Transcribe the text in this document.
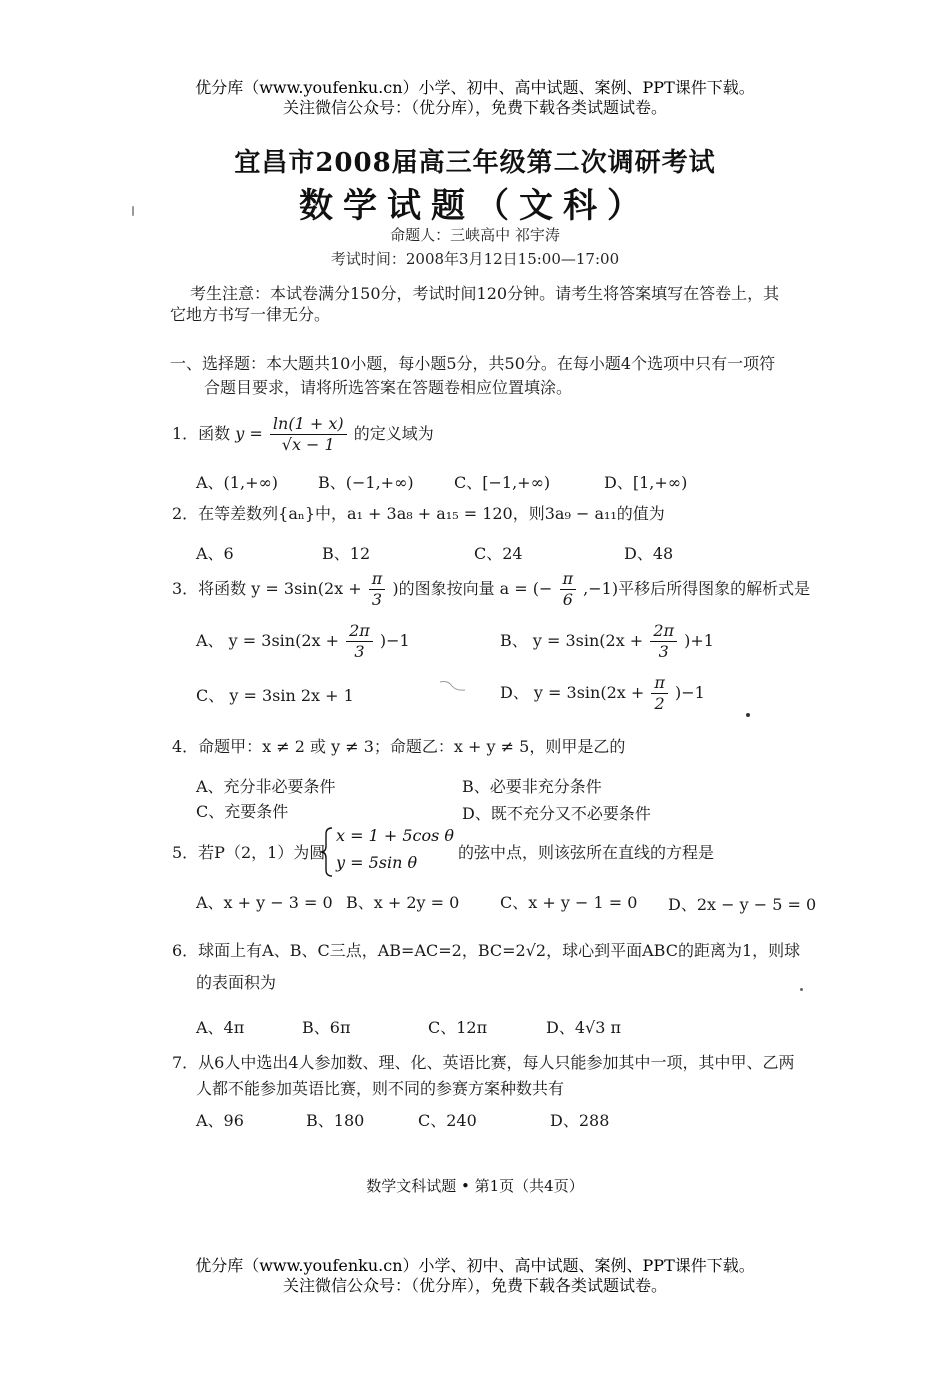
优分库（www.youfenku.cn）小学、初中、高中试题、案例、PPT课件下载。
关注微信公众号：（优分库），免费下载各类试题试卷。
宜昌市2008届高三年级第二次调研考试
数学试题（文科）
命题人：三峡高中 祁宇涛
考试时间：2008年3月12日15:00—17:00
考生注意：本试卷满分150分，考试时间120分钟。请考生将答案填写在答卷上，其
它地方书写一律无分。
一、选择题：本大题共10小题，每小题5分，共50分。在每小题4个选项中只有一项符
合题目要求，请将所选答案在答题卷相应位置填涂。
1．函数 $y = \frac{\ln(1 + x)}{√x - 1}$ 的定义域为
A、(1,+∞) B、(−1,+∞)	C、[−1,+∞)	D、[1,+∞)
2．在等差数列{aₙ}中，a₁ + 3a₈ + a₁₅ = 120，则3a₉ − a₁₁的值为
A、6	B、12	C、24	D、48
3．将函数 $y = 3\sin(2x + \frac{\pi}{3}$ )的图象按向量 a = (− $\frac{\pi}{6} ,-1$)平移后所得图象的解析式是
A、 $y = 3\sin(2x + \frac{2\pi}{3} )-1$	B、 $y = 3\sin(2x + \frac{2\pi}{3} )+1$
C、 y = 3sin 2x + 1	D、 $y = 3\sin(2x + \frac{\pi}{2} )-1$
4．命题甲：x ≠ 2 或 y ≠ 3；命题乙：x + y ≠ 5，则甲是乙的
A、充分非必要条件	B、必要非充分条件
C、充要条件	D、既不充分又不必要条件
5．若P（2，1）为圆
x = 1 + 5cos θ
y = 5sin θ
的弦中点，则该弦所在直线的方程是
A、x + y − 3 = 0 B、x + 2y = 0	C、x + y − 1 = 0 D、2x − y − 5 = 0
6．球面上有A、B、C三点，AB=AC=2，BC=2√2，球心到平面ABC的距离为1，则球
的表面积为
A、4π	B、6π	C、12π	D、4√3 π
7．从6人中选出4人参加数、理、化、英语比赛，每人只能参加其中一项，其中甲、乙两
人都不能参加英语比赛，则不同的参赛方案种数共有
A、96	B、180	C、240	D、288
数学文科试题 • 第1页（共4页）
优分库（www.youfenku.cn）小学、初中、高中试题、案例、PPT课件下载。
关注微信公众号：（优分库），免费下载各类试题试卷。
